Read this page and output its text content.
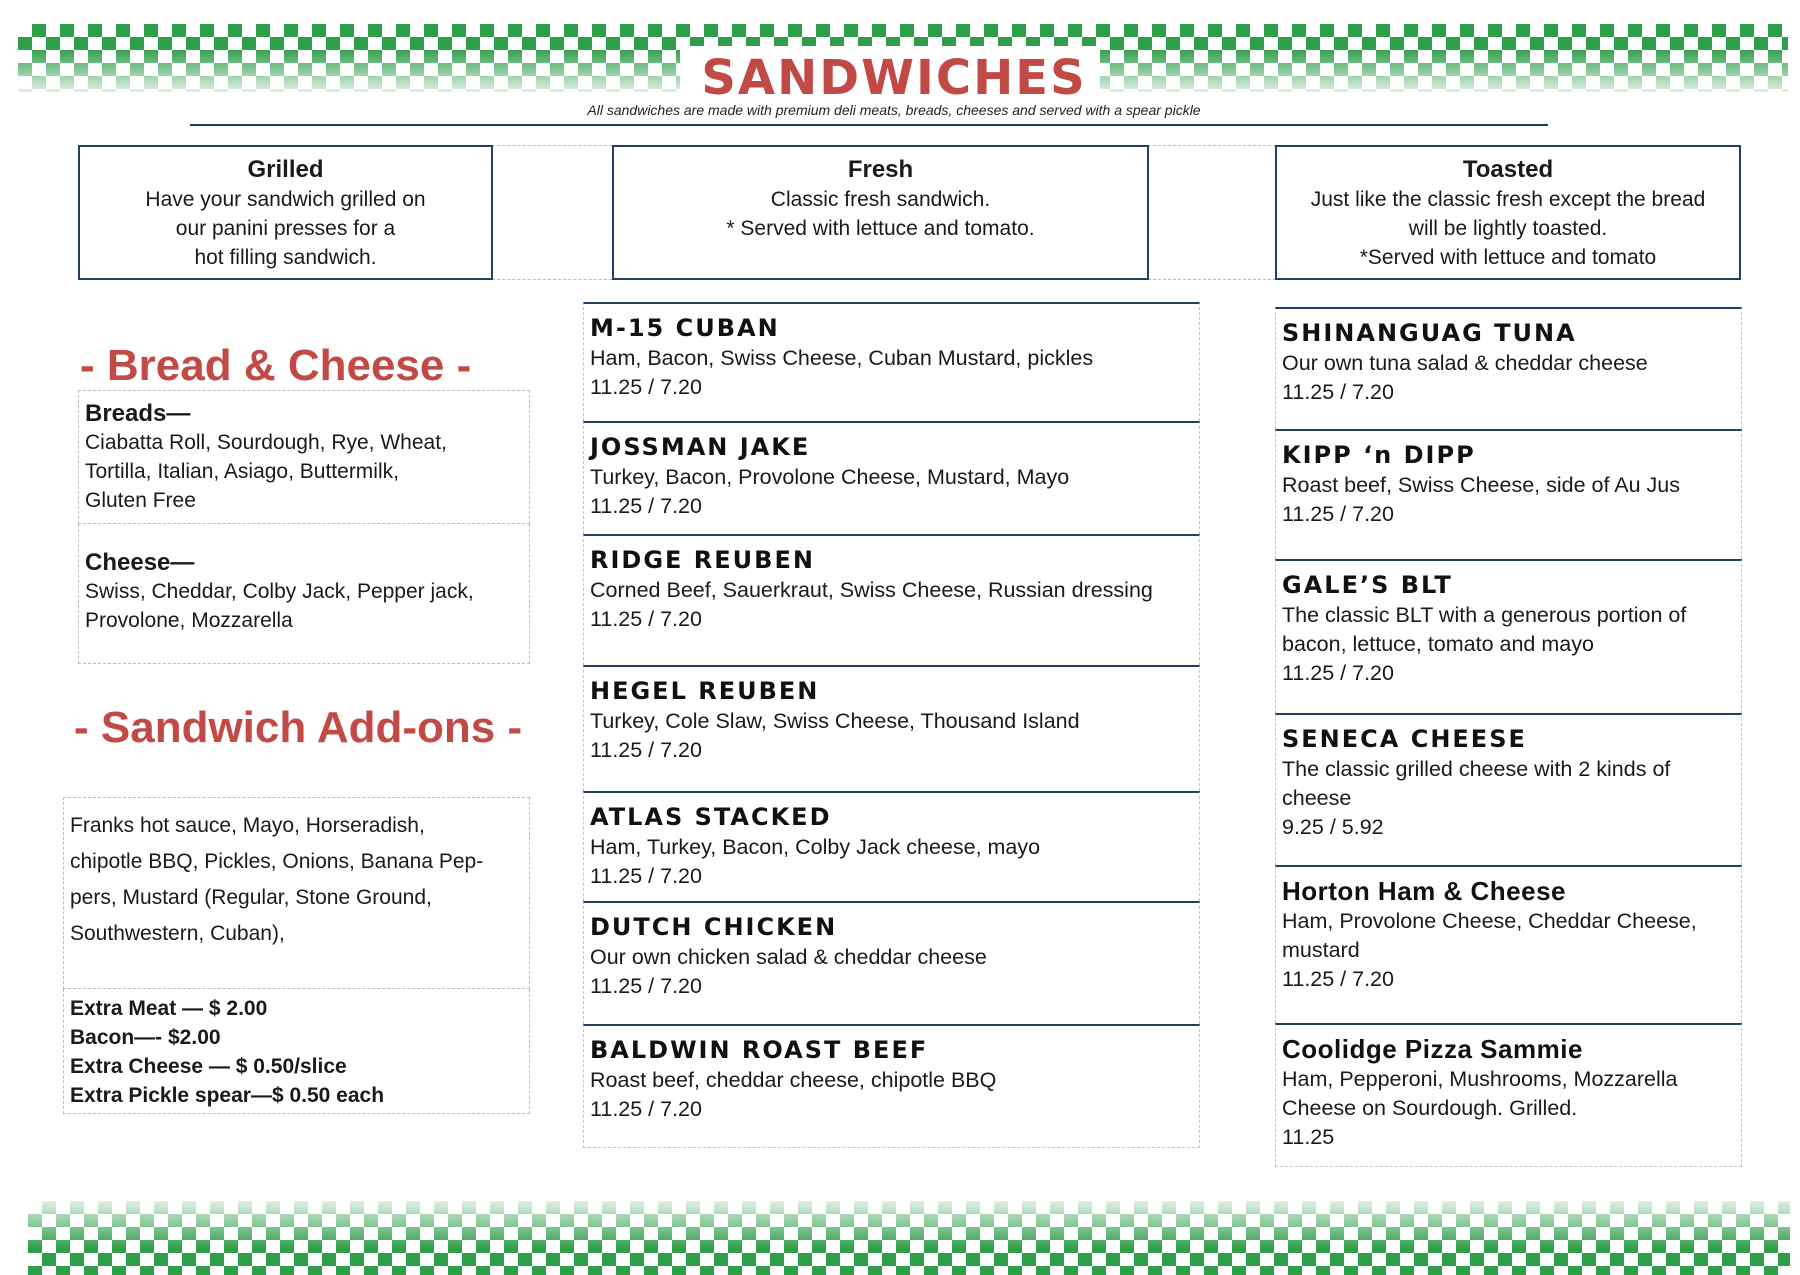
SANDWICHES
All sandwiches are made with premium deli meats, breads, cheeses and served with a spear pickle
Grilled
Have your sandwich grilled on
our panini presses for a
hot filling sandwich.
Fresh
Classic fresh sandwich.
* Served with lettuce and tomato.
Toasted
Just like the classic fresh except the bread
will be lightly toasted.
*Served with lettuce and tomato
- Bread & Cheese -
Breads—
Ciabatta Roll, Sourdough, Rye, Wheat,
Tortilla, Italian, Asiago, Buttermilk,
Gluten Free
Cheese—
Swiss, Cheddar, Colby Jack, Pepper jack,
Provolone, Mozzarella
- Sandwich Add-ons -
Franks hot sauce, Mayo, Horseradish,
chipotle BBQ, Pickles, Onions, Banana Pep-
pers, Mustard (Regular, Stone Ground,
Southwestern, Cuban),
Extra Meat — $ 2.00
Bacon—- $2.00
Extra Cheese — $ 0.50/slice
Extra Pickle spear—$ 0.50 each
M-15 CUBAN
Ham, Bacon, Swiss Cheese, Cuban Mustard, pickles
11.25 / 7.20
JOSSMAN JAKE
Turkey, Bacon, Provolone Cheese, Mustard, Mayo
11.25 / 7.20
RIDGE REUBEN
Corned Beef, Sauerkraut, Swiss Cheese, Russian dressing
11.25 / 7.20
HEGEL REUBEN
Turkey, Cole Slaw, Swiss Cheese, Thousand Island
11.25 / 7.20
ATLAS STACKED
Ham, Turkey, Bacon, Colby Jack cheese, mayo
11.25 / 7.20
DUTCH CHICKEN
Our own chicken salad & cheddar cheese
11.25 / 7.20
BALDWIN ROAST BEEF
Roast beef, cheddar cheese, chipotle BBQ
11.25 / 7.20
SHINANGUAG TUNA
Our own tuna salad & cheddar cheese
11.25 / 7.20
KIPP ‘n DIPP
Roast beef, Swiss Cheese, side of Au Jus
11.25 / 7.20
GALE’S BLT
The classic BLT with a generous portion of
bacon, lettuce, tomato and mayo
11.25 / 7.20
SENECA CHEESE
The classic grilled cheese with 2 kinds of
cheese
9.25 / 5.92
Horton Ham & Cheese
Ham, Provolone Cheese, Cheddar Cheese,
mustard
11.25 / 7.20
Coolidge Pizza Sammie
Ham, Pepperoni, Mushrooms, Mozzarella
Cheese on Sourdough. Grilled.
11.25
